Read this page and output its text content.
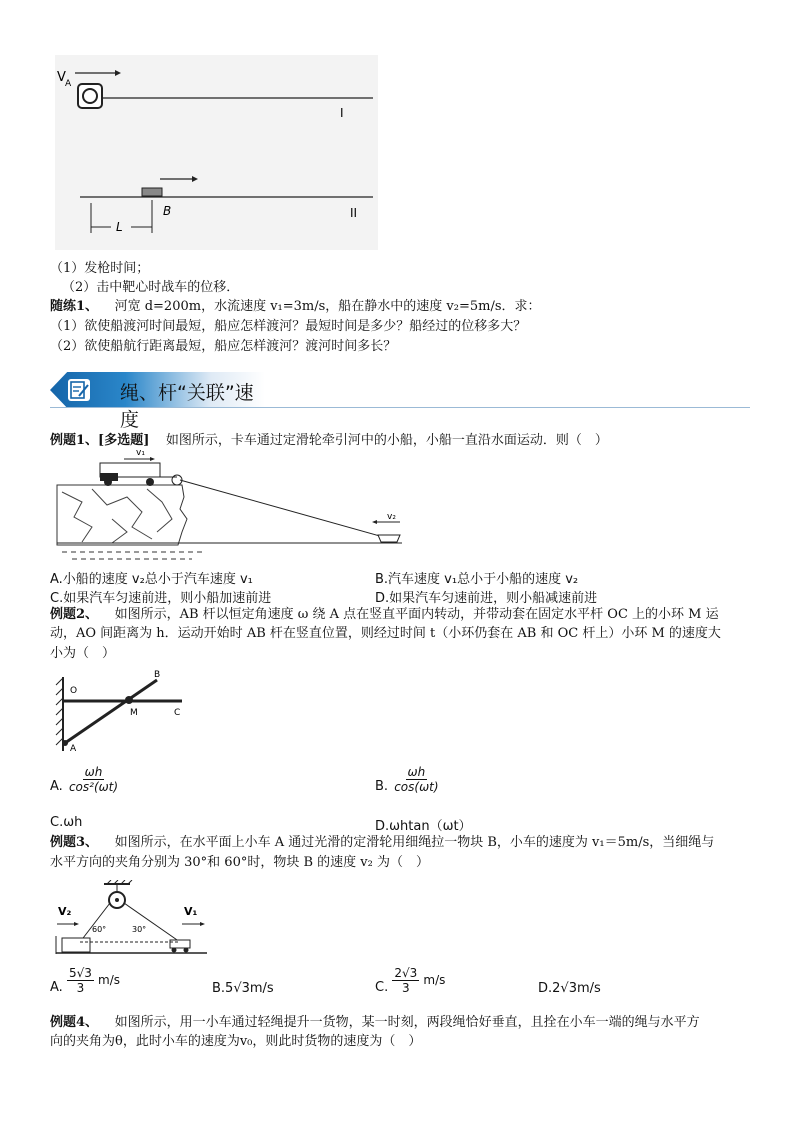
V A
I
B
L
II
（1）发枪时间；
（2）击中靶心时战车的位移．
随练1、 河宽 d=200m，水流速度 v₁=3m/s，船在静水中的速度 v₂=5m/s．求：
（1）欲使船渡河时间最短，船应怎样渡河？最短时间是多少？船经过的位移多大？
（2）欲使船航行距离最短，船应怎样渡河？渡河时间多长？
绳、杆“关联”速度
例题1、[多选题] 如图所示，卡车通过定滑轮牵引河中的小船，小船一直沿水面运动．则（　）
v₁
v₂
A.小船的速度 v₂总小于汽车速度 v₁	B.汽车速度 v₁总小于小船的速度 v₂
C.如果汽车匀速前进，则小船加速前进	D.如果汽车匀速前进，则小船减速前进
例题2、 如图所示，AB 杆以恒定角速度 ω 绕 A 点在竖直平面内转动，并带动套在固定水平杆 OC 上的小环 M 运
动，AO 间距离为 h．运动开始时 AB 杆在竖直位置，则经过时间 t（小环仍套在 AB 和 OC 杆上）小环 M 的速度大
小为（　）
O
B
M	C
A
A. $\frac{\omega h}{\text{cos²(ωt)}}$	B. $\frac{\omega h}{\cos(\omega t)}$
C.ωh	D.ωhtan（ωt）
例题3、 如图所示，在水平面上小车 A 通过光滑的定滑轮用细绳拉一物块 B，小车的速度为 v₁＝5m/s，当细绳与
水平方向的夹角分别为 30°和 60°时，物块 B 的速度 v₂ 为（　）
V₂	V₁
60°	30°
A. $\frac{5√3}{3} m/s$
B.5√3m/s	C. $\frac{2√3}{3} m/s$
D.2√3m/s
例题4、 如图所示，用一小车通过轻绳提升一货物，某一时刻，两段绳恰好垂直，且拴在小车一端的绳与水平方
向的夹角为θ，此时小车的速度为v₀，则此时货物的速度为（　）
